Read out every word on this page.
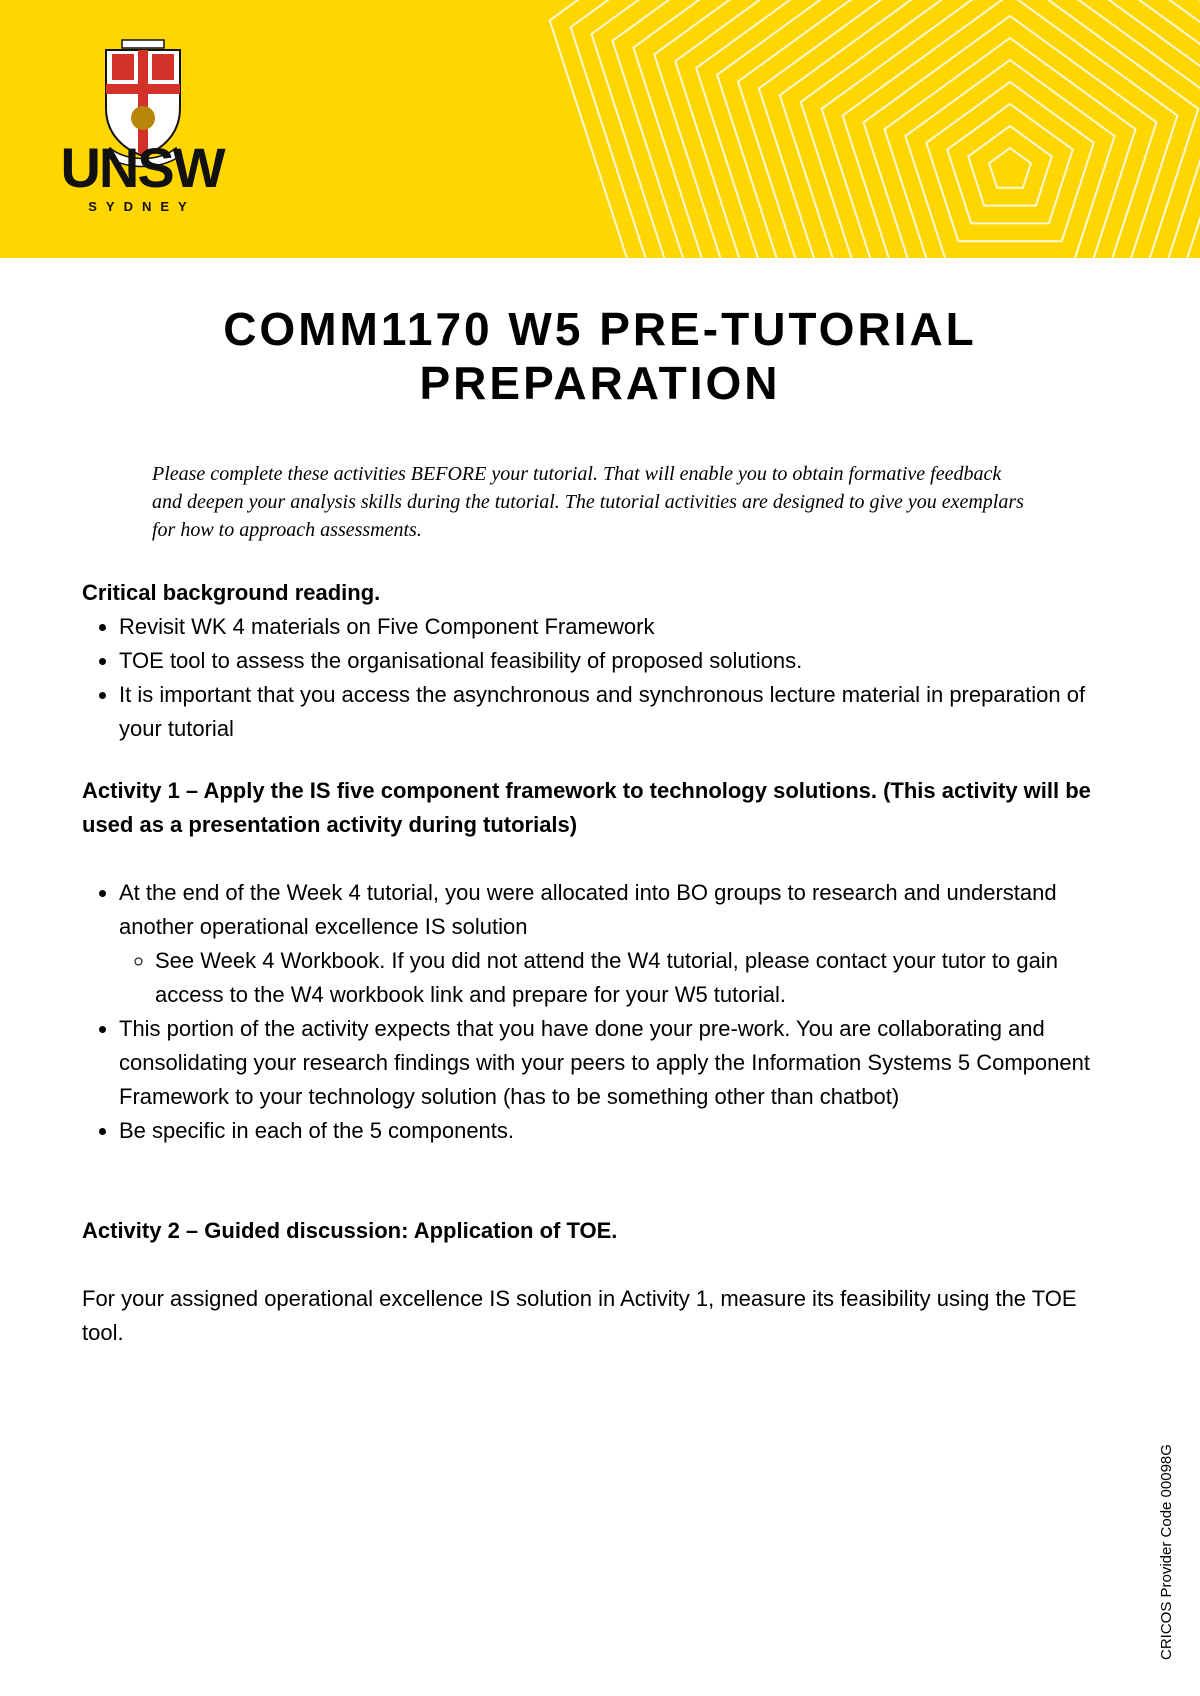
UNSW
SYDNEY
COMM1170 W5 PRE-TUTORIAL
PREPARATION

Please complete these activities BEFORE your tutorial. That will enable you to obtain formative feedback and deepen your analysis skills during the tutorial. The tutorial activities are designed to give you exemplars for how to approach assessments.

Critical background reading.
• Revisit WK 4 materials on Five Component Framework
• TOE tool to assess the organisational feasibility of proposed solutions.
• It is important that you access the asynchronous and synchronous lecture material in preparation of your tutorial
Activity 1 – Apply the IS five component framework to technology solutions. (This activity will be used as a presentation activity during tutorials)
• At the end of the Week 4 tutorial, you were allocated into BO groups to research and understand another operational excellence IS solution
◦ See Week 4 Workbook. If you did not attend the W4 tutorial, please contact your tutor to gain access to the W4 workbook link and prepare for your W5 tutorial.
• This portion of the activity expects that you have done your pre-work. You are collaborating and consolidating your research findings with your peers to apply the Information Systems 5 Component Framework to your technology solution (has to be something other than chatbot)
• Be specific in each of the 5 components.
Activity 2 – Guided discussion: Application of TOE.

For your assigned operational excellence IS solution in Activity 1, measure its feasibility using the TOE tool.

CRICOS Provider Code 00098G
